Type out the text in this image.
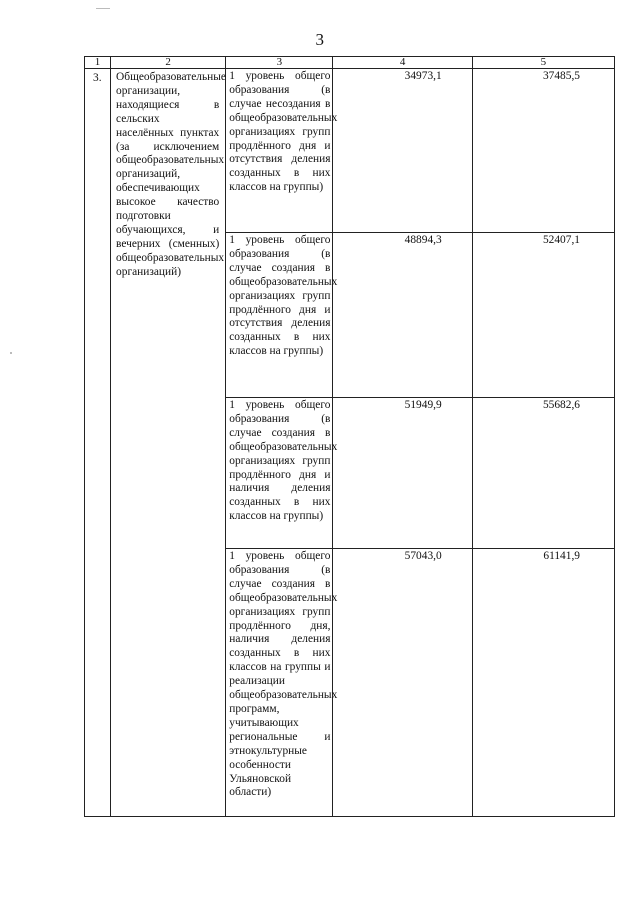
3
1	2	3	4	5
3.	Общеобразовательные организации, находящиеся в сельских населённых пунктах (за исключением общеобразовательных организаций, обеспечивающих высокое качество подготовки обучающихся, и вечерних (сменных) общеобразовательных организаций)	1 уровень общего образования (в случае несоздания в общеобразовательных организациях групп продлённого дня и отсутствия деления созданных в них классов на группы)	34973,1	37485,5
		1 уровень общего образования (в случае создания в общеобразовательных организациях групп продлённого дня и отсутствия деления созданных в них классов на группы)	48894,3	52407,1
		1 уровень общего образования (в случае создания в общеобразовательных организациях групп продлённого дня и наличия деления созданных в них классов на группы)	51949,9	55682,6
		1 уровень общего образования (в случае создания в общеобразовательных организациях групп продлённого дня, наличия деления созданных в них классов на группы и реализации общеобразовательных программ, учитывающих региональные и этнокультурные особенности Ульяновской области)	57043,0	61141,9
